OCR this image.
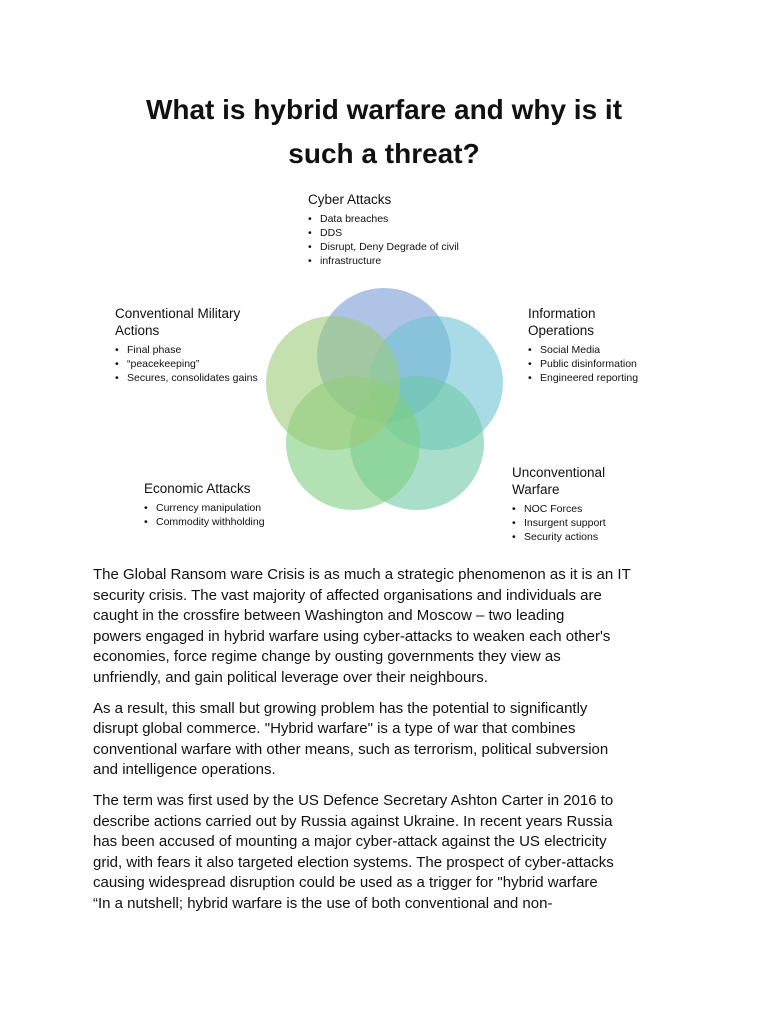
What is hybrid warfare and why is it
such a threat?
Cyber Attacks
• Data breaches
• DDS
• Disrupt, Deny Degrade of civil
• infrastructure
Conventional Military
Actions
• Final phase
• “peacekeeping”
• Secures, consolidates gains
Information
Operations
• Social Media
• Public disinformation
• Engineered reporting
Economic Attacks
• Currency manipulation
• Commodity withholding
Unconventional
Warfare
• NOC Forces
• Insurgent support
• Security actions

The Global Ransom ware Crisis is as much a strategic phenomenon as it is an IT
security crisis. The vast majority of affected organisations and individuals are
caught in the crossfire between Washington and Moscow – two leading
powers engaged in hybrid warfare using cyber-attacks to weaken each other's
economies, force regime change by ousting governments they view as
unfriendly, and gain political leverage over their neighbours.

As a result, this small but growing problem has the potential to significantly
disrupt global commerce. "Hybrid warfare" is a type of war that combines
conventional warfare with other means, such as terrorism, political subversion
and intelligence operations.

The term was first used by the US Defence Secretary Ashton Carter in 2016 to
describe actions carried out by Russia against Ukraine. In recent years Russia
has been accused of mounting a major cyber-attack against the US electricity
grid, with fears it also targeted election systems. The prospect of cyber-attacks
causing widespread disruption could be used as a trigger for "hybrid warfare
“In a nutshell; hybrid warfare is the use of both conventional and non-
